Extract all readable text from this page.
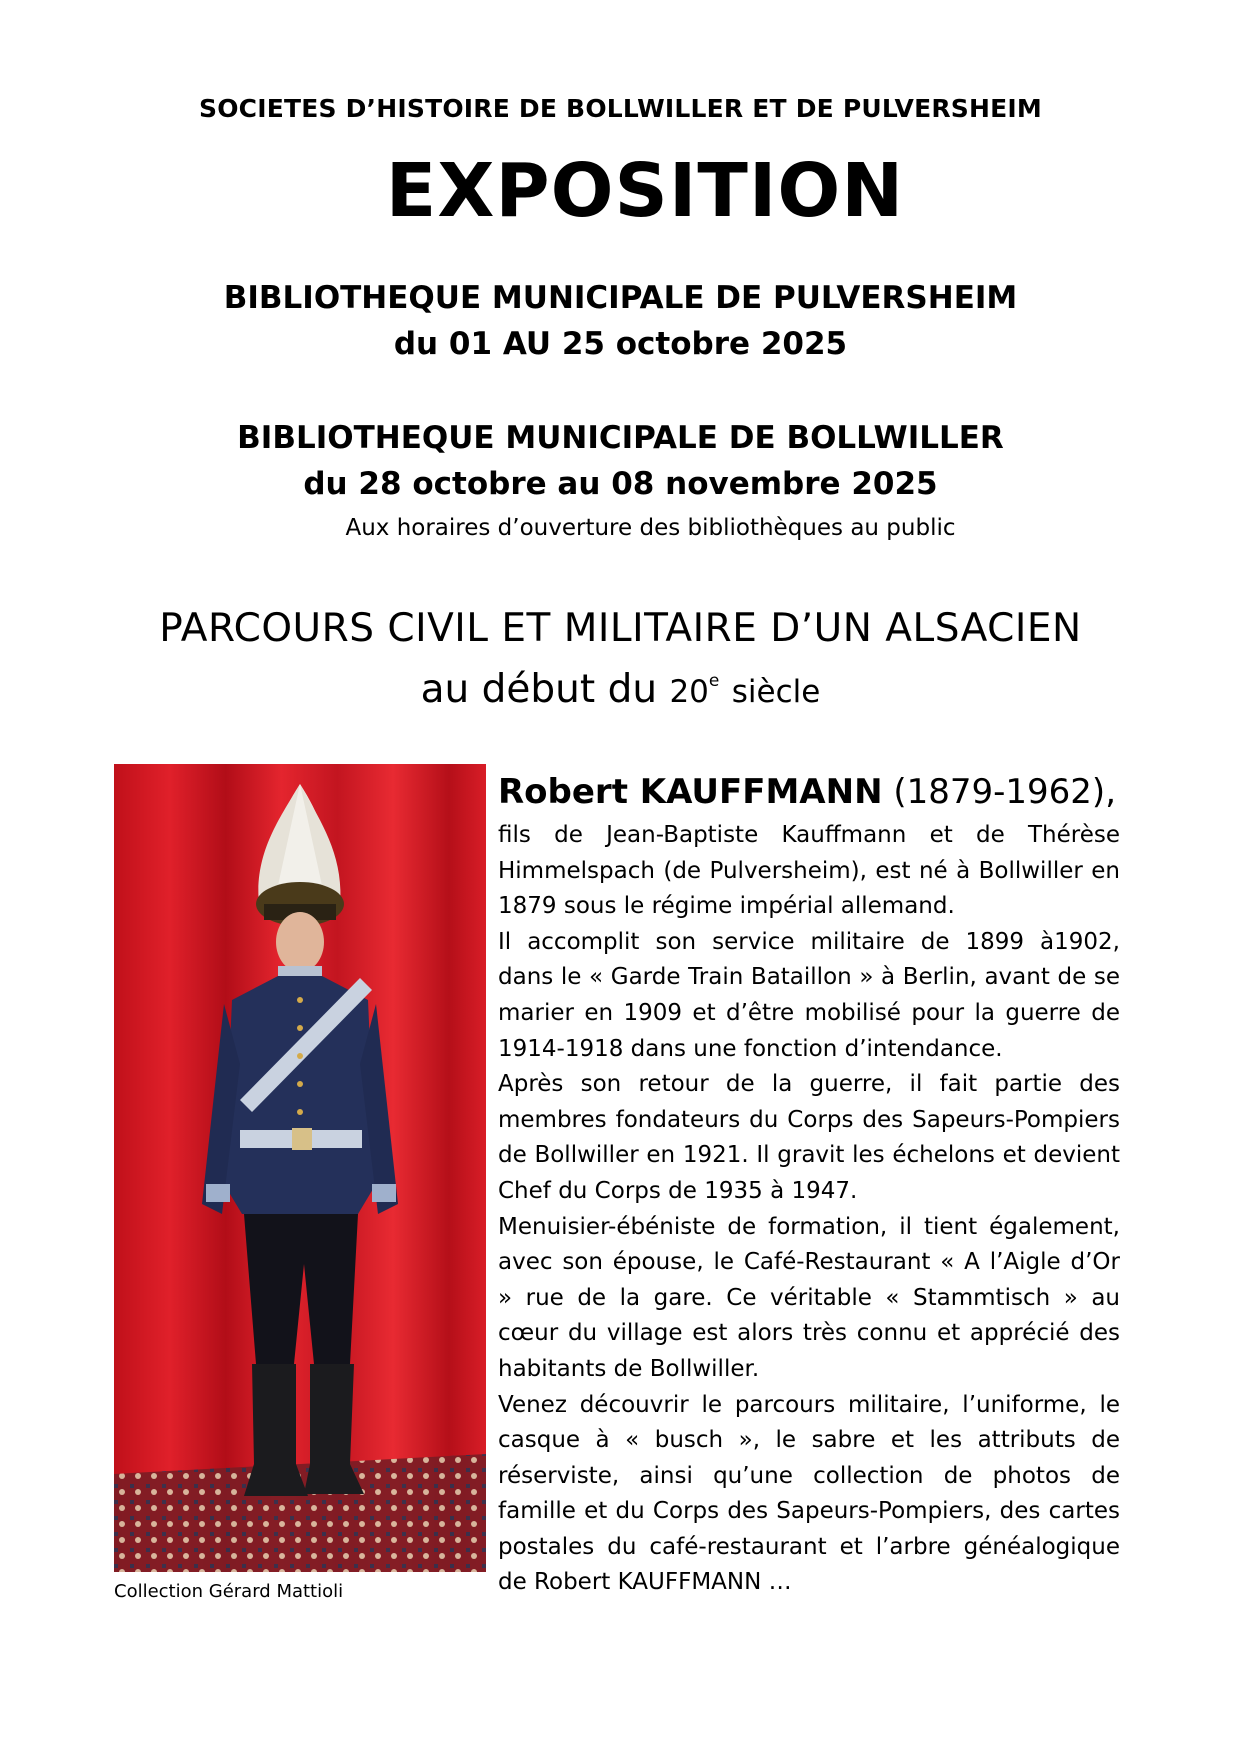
SOCIETES D’HISTOIRE DE BOLLWILLER ET DE PULVERSHEIM
EXPOSITION
BIBLIOTHEQUE MUNICIPALE DE PULVERSHEIM
du 01 AU 25 octobre 2025
BIBLIOTHEQUE MUNICIPALE DE BOLLWILLER
du 28 octobre au 08 novembre 2025
Aux horaires d’ouverture des bibliothèques au public
PARCOURS CIVIL ET MILITAIRE D’UN ALSACIEN
au début du 20e siècle
Collection Gérard Mattioli
Robert KAUFFMANN (1879-1962),

fils de Jean-Baptiste Kauffmann et de Thérèse Himmelspach (de Pulversheim), est né à Bollwiller en 1879 sous le régime impérial allemand.

Il accomplit son service militaire de 1899 à1902, dans le « Garde Train Bataillon » à Berlin, avant de se marier en 1909 et d’être mobilisé pour la guerre de 1914-1918 dans une fonction d’intendance.

Après son retour de la guerre, il fait partie des membres fondateurs du Corps des Sapeurs-Pompiers de Bollwiller en 1921. Il gravit les échelons et devient Chef du Corps de 1935 à 1947.

Menuisier-ébéniste de formation, il tient également, avec son épouse, le Café-Restaurant « A l’Aigle d’Or » rue de la gare. Ce véritable « Stammtisch » au cœur du village est alors très connu et apprécié des habitants de Bollwiller.

Venez découvrir le parcours militaire, l’uniforme, le casque à « busch », le sabre et les attributs de réserviste, ainsi qu’une collection de photos de famille et du Corps des Sapeurs-Pompiers, des cartes postales du café-restaurant et l’arbre généalogique de Robert KAUFFMANN …
